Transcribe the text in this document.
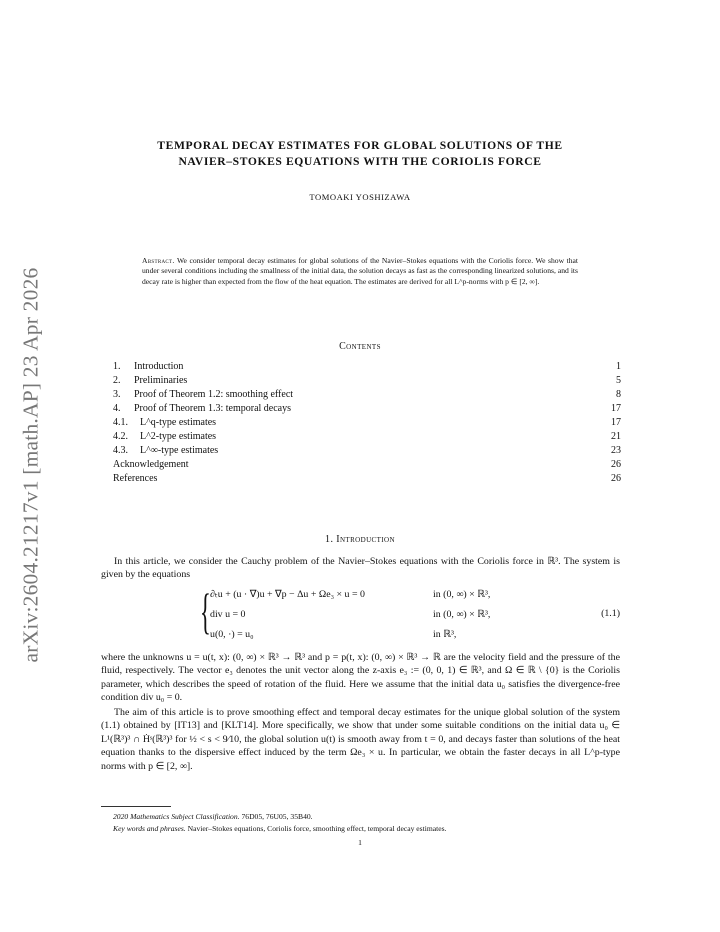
arXiv:2604.21217v1 [math.AP] 23 Apr 2026
TEMPORAL DECAY ESTIMATES FOR GLOBAL SOLUTIONS OF THE
NAVIER–STOKES EQUATIONS WITH THE CORIOLIS FORCE
TOMOAKI YOSHIZAWA
Abstract. We consider temporal decay estimates for global solutions of the Navier–Stokes equations with the Coriolis force. We show that under several conditions including the smallness of the initial data, the solution decays as fast as the corresponding linearized solutions, and its decay rate is higher than expected from the flow of the heat equation. The estimates are derived for all L^p-norms with p ∈ [2, ∞].
Contents
1. Introduction	1
2. Preliminaries	5
3. Proof of Theorem 1.2: smoothing effect	8
4. Proof of Theorem 1.3: temporal decays	17
4.1. L^q-type estimates	17
4.2. L^2-type estimates	21
4.3. L^∞-type estimates	23
Acknowledgement	26
References	26
1. Introduction
In this article, we consider the Cauchy problem of the Navier–Stokes equations with the Coriolis force in ℝ³. The system is given by the equations
{ ∂ₜu + (u · ∇)u + ∇p − Δu + Ωe₃ × u = 0	in (0, ∞) × ℝ³,
div u = 0	in (0, ∞) × ℝ³,
u(0, ·) = u₀	in ℝ³,
(1.1)
where the unknowns u = u(t, x): (0, ∞) × ℝ³ → ℝ³ and p = p(t, x): (0, ∞) × ℝ³ → ℝ are the velocity field and the pressure of the fluid, respectively. The vector e₃ denotes the unit vector along the z-axis e₃ := (0, 0, 1) ∈ ℝ³, and Ω ∈ ℝ \ {0} is the Coriolis parameter, which describes the speed of rotation of the fluid. Here we assume that the initial data u₀ satisfies the divergence-free condition div u₀ = 0.
The aim of this article is to prove smoothing effect and temporal decay estimates for the unique global solution of the system (1.1) obtained by [IT13] and [KLT14]. More specifically, we show that under some suitable conditions on the initial data u₀ ∈ L¹(ℝ³)³ ∩ Ḣˢ(ℝ³)³ for ½ < s < 9⁄10, the global solution u(t) is smooth away from t = 0, and decays faster than solutions of the heat equation thanks to the dispersive effect induced by the term Ωe₃ × u. In particular, we obtain the faster decays in all L^p-type norms with p ∈ [2, ∞].
2020 Mathematics Subject Classification. 76D05, 76U05, 35B40.
Key words and phrases. Navier–Stokes equations, Coriolis force, smoothing effect, temporal decay estimates.
1
